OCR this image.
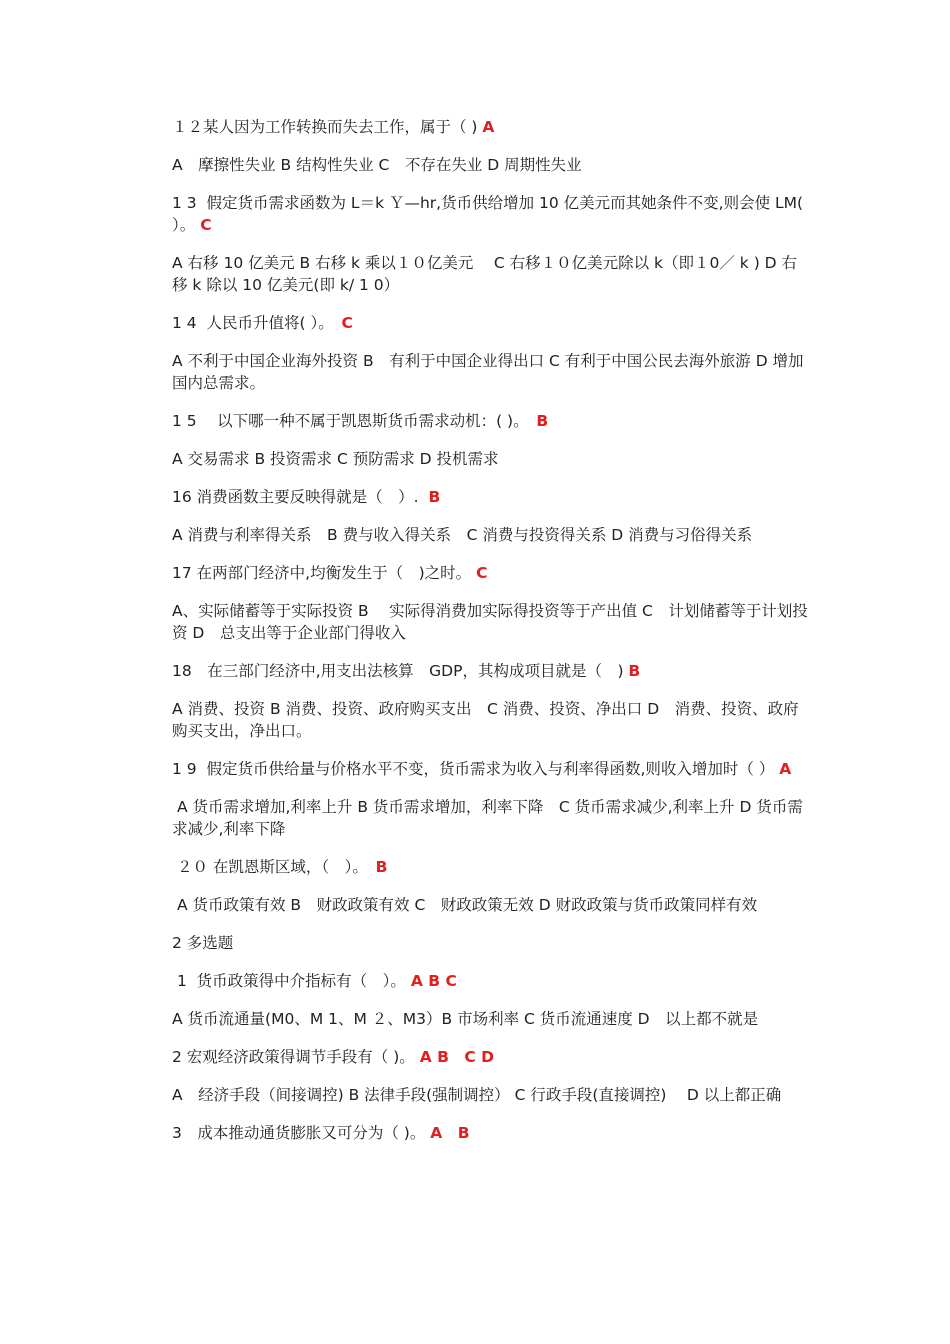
１２某人因为工作转换而失去工作，属于（ ) A

A　摩擦性失业 B 结构性失业 C　不存在失业 D 周期性失业

1 3  假定货币需求函数为 L＝k Ｙ—hr,货币供给增加 10 亿美元而其她条件不变,则会使 LM( ）。 C

A 右移 10 亿美元 B 右移 k 乘以１０亿美元　 C 右移１０亿美元除以 k（即１0／ k ) D 右移 k 除以 10 亿美元(即 k/ 1 0）

1 4  人民币升值将( ）。　C

A 不利于中国企业海外投资 B　有利于中国企业得出口 C 有利于中国公民去海外旅游 D 增加国内总需求。

1 5　 以下哪一种不属于凯恩斯货币需求动机：( )。　B

A 交易需求 B 投资需求 C 预防需求 D 投机需求

16 消费函数主要反映得就是（　）.  B

A 消费与利率得关系　B 费与收入得关系　C 消费与投资得关系 D 消费与习俗得关系

17 在两部门经济中,均衡发生于（　)之时。 C

A、实际储蓄等于实际投资 B　 实际得消费加实际得投资等于产出值 C　计划储蓄等于计划投资 D　总支出等于企业部门得收入

18　在三部门经济中,用支出法核算　GDP，其构成项目就是（　) B

A 消费、投资 B 消费、投资、政府购买支出　C 消费、投资、净出口 D　消费、投资、政府购买支出，净出口。

1 9  假定货币供给量与价格水平不变，货币需求为收入与利率得函数,则收入增加时（ ） A

A 货币需求增加,利率上升 B 货币需求增加，利率下降　C 货币需求减少,利率上升 D 货币需求减少,利率下降

２０ 在凯恩斯区域，（　）。　B

A 货币政策有效 B　财政政策有效 C　财政政策无效 D 财政政策与货币政策同样有效

2 多选题

1  货币政策得中介指标有（　）。 A B C

A 货币流通量(M0、M 1、M ２、M3）B 市场利率 C 货币流通速度 D　以上都不就是

2 宏观经济政策得调节手段有（ )。 A B　C D

A　经济手段（间接调控) B 法律手段(强制调控） C 行政手段(直接调控)　 D 以上都正确

3　成本推动通货膨胀又可分为（ )。 A　B
